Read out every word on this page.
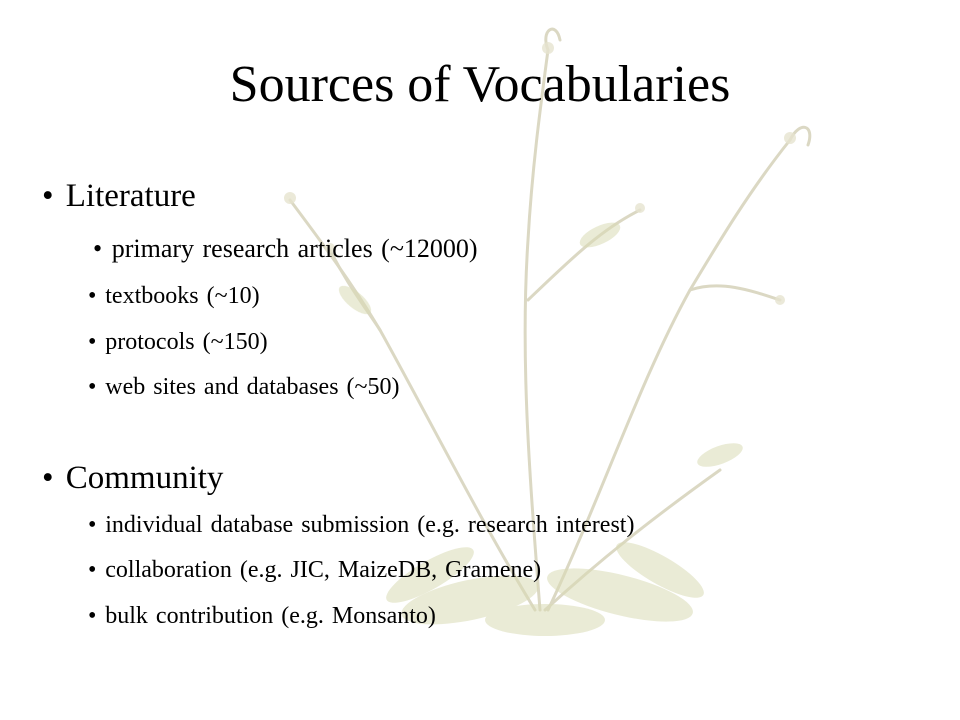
Sources of Vocabularies
• Literature
• primary research articles (~12000)
• textbooks (~10)
• protocols (~150)
• web sites and databases (~50)
• Community
• individual database submission (e.g. research interest)
• collaboration (e.g. JIC, MaizeDB, Gramene)
• bulk contribution (e.g. Monsanto)
